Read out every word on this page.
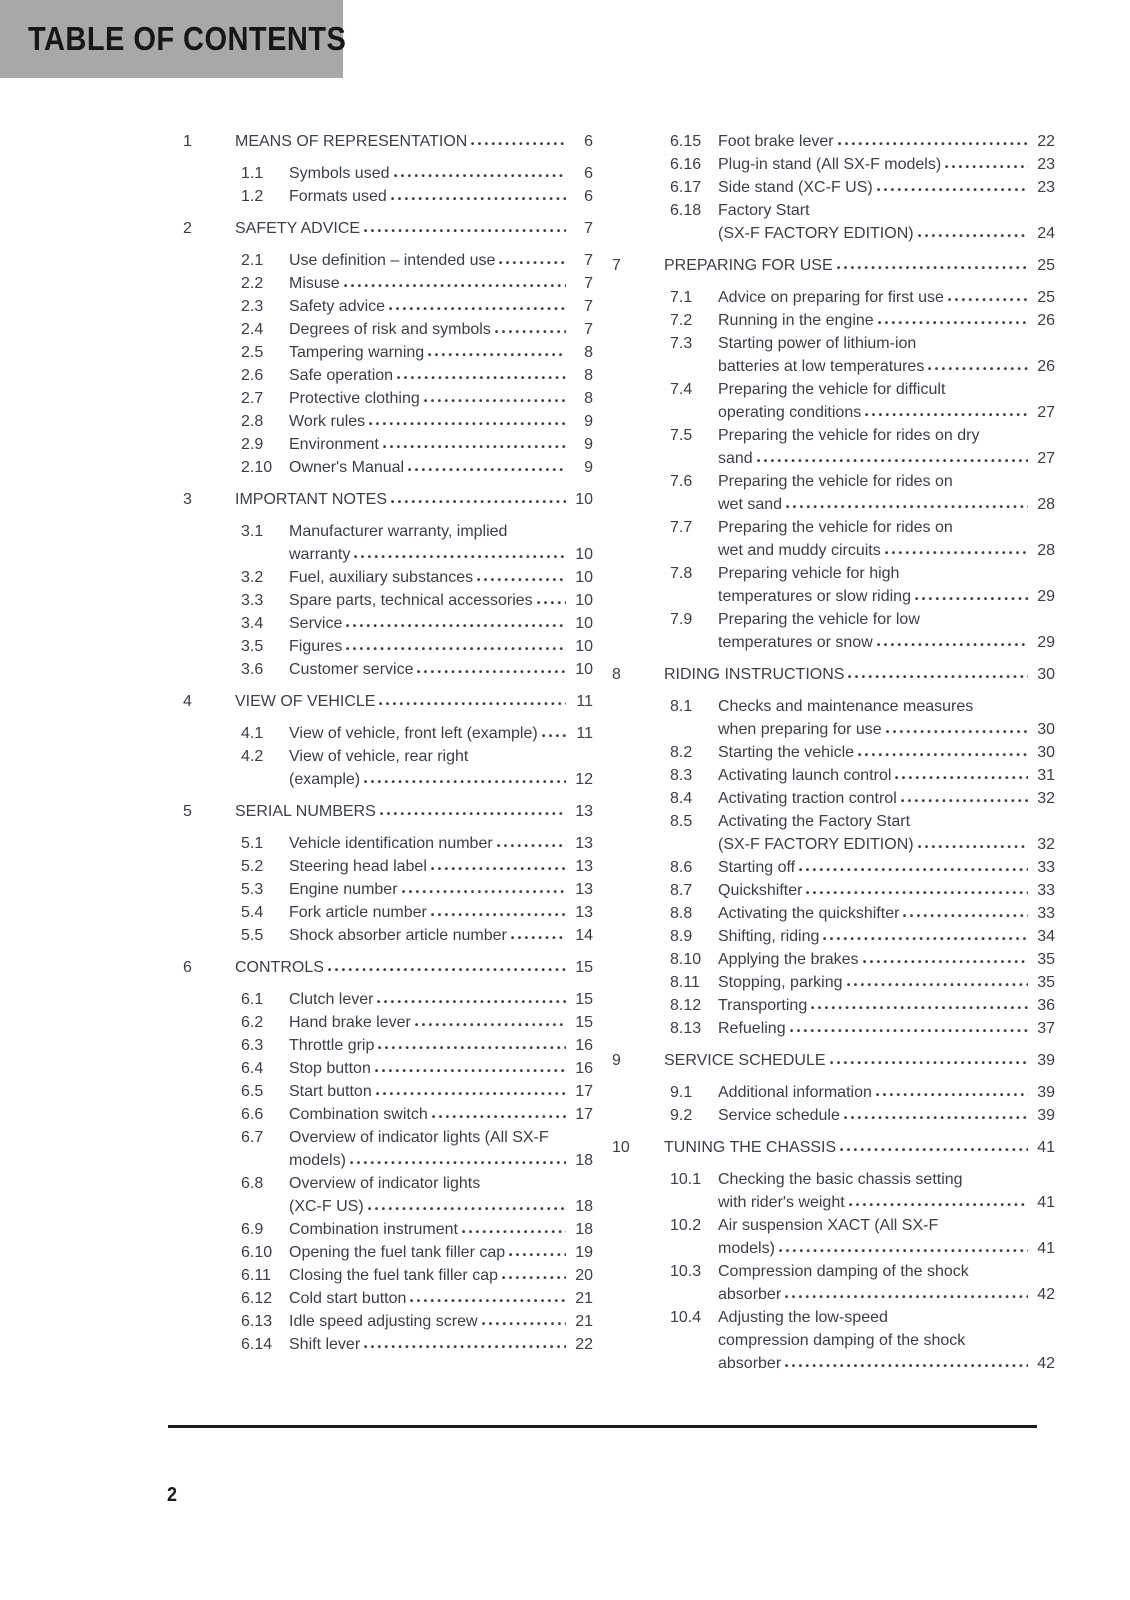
TABLE OF CONTENTS
1	MEANS OF REPRESENTATION	6
1.1	Symbols used	6
1.2	Formats used	6
2	SAFETY ADVICE	7
2.1	Use definition – intended use	7
2.2	Misuse	7
2.3	Safety advice	7
2.4	Degrees of risk and symbols	7
2.5	Tampering warning	8
2.6	Safe operation	8
2.7	Protective clothing	8
2.8	Work rules	9
2.9	Environment	9
2.10	Owner's Manual	9
3	IMPORTANT NOTES	10
3.1	Manufacturer warranty, implied
warranty	10
3.2	Fuel, auxiliary substances	10
3.3	Spare parts, technical accessories	10
3.4	Service	10
3.5	Figures	10
3.6	Customer service	10
4	VIEW OF VEHICLE	11
4.1	View of vehicle, front left (example)	11
4.2	View of vehicle, rear right
(example)	12
5	SERIAL NUMBERS	13
5.1	Vehicle identification number	13
5.2	Steering head label	13
5.3	Engine number	13
5.4	Fork article number	13
5.5	Shock absorber article number	14
6	CONTROLS	15
6.1	Clutch lever	15
6.2	Hand brake lever	15
6.3	Throttle grip	16
6.4	Stop button	16
6.5	Start button	17
6.6	Combination switch	17
6.7	Overview of indicator lights (All SX-F
models)	18
6.8	Overview of indicator lights
(XC-F US)	18
6.9	Combination instrument	18
6.10	Opening the fuel tank filler cap	19
6.11	Closing the fuel tank filler cap	20
6.12	Cold start button	21
6.13	Idle speed adjusting screw	21
6.14	Shift lever	22
6.15	Foot brake lever	22
6.16	Plug-in stand (All SX-F models)	23
6.17	Side stand (XC-F US)	23
6.18	Factory Start
(SX-F FACTORY EDITION)	24
7	PREPARING FOR USE	25
7.1	Advice on preparing for first use	25
7.2	Running in the engine	26
7.3	Starting power of lithium-ion
batteries at low temperatures	26
7.4	Preparing the vehicle for difficult
operating conditions	27
7.5	Preparing the vehicle for rides on dry
sand	27
7.6	Preparing the vehicle for rides on
wet sand	28
7.7	Preparing the vehicle for rides on
wet and muddy circuits	28
7.8	Preparing vehicle for high
temperatures or slow riding	29
7.9	Preparing the vehicle for low
temperatures or snow	29
8	RIDING INSTRUCTIONS	30
8.1	Checks and maintenance measures
when preparing for use	30
8.2	Starting the vehicle	30
8.3	Activating launch control	31
8.4	Activating traction control	32
8.5	Activating the Factory Start
(SX-F FACTORY EDITION)	32
8.6	Starting off	33
8.7	Quickshifter	33
8.8	Activating the quickshifter	33
8.9	Shifting, riding	34
8.10	Applying the brakes	35
8.11	Stopping, parking	35
8.12	Transporting	36
8.13	Refueling	37
9	SERVICE SCHEDULE	39
9.1	Additional information	39
9.2	Service schedule	39
10	TUNING THE CHASSIS	41
10.1	Checking the basic chassis setting
with rider's weight	41
10.2	Air suspension XACT (All SX-F
models)	41
10.3	Compression damping of the shock
absorber	42
10.4	Adjusting the low-speed
compression damping of the shock
absorber	42
2
